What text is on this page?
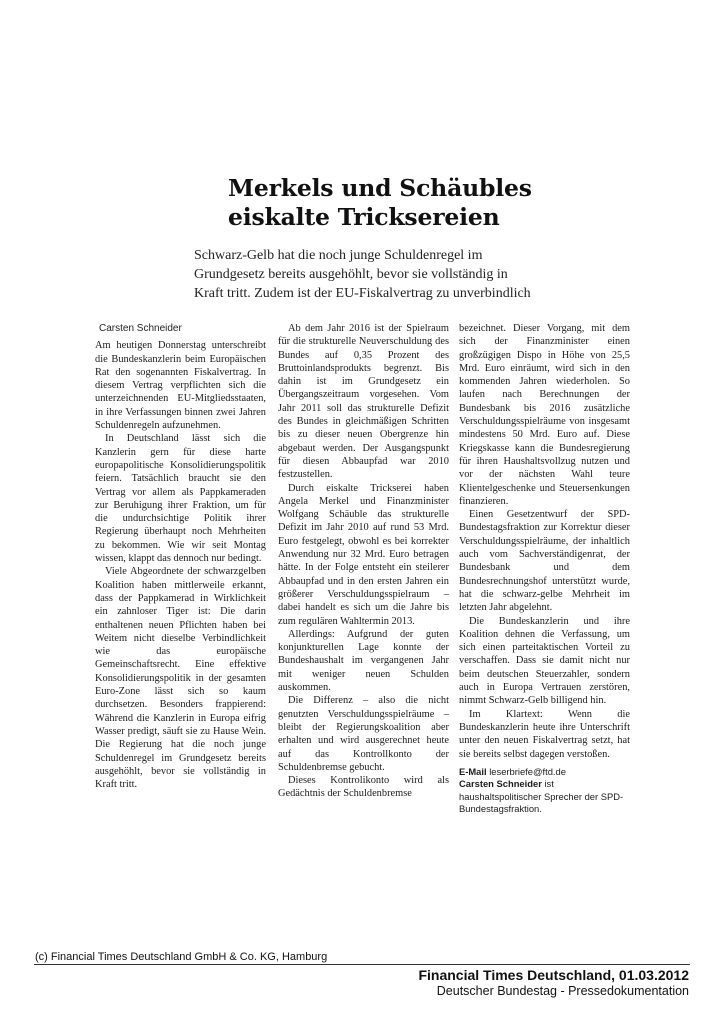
Merkels und Schäubles
eiskalte Tricksereien
Schwarz-Gelb hat die noch junge Schuldenregel im
Grundgesetz bereits ausgehöhlt, bevor sie vollständig in
Kraft tritt. Zudem ist der EU-Fiskalvertrag zu unverbindlich
Carsten Schneider

Am heutigen Donnerstag unterschreibt die Bundeskanzlerin beim Europäischen Rat den sogenannten Fiskalvertrag. In diesem Vertrag verpflichten sich die unterzeichnenden EU-Mitgliedsstaaten, in ihre Verfassungen binnen zwei Jahren Schuldenregeln aufzunehmen.

In Deutschland lässt sich die Kanzlerin gern für diese harte europapolitische Konsolidierungspolitik feiern. Tatsächlich braucht sie den Vertrag vor allem als Pappkameraden zur Beruhigung ihrer Fraktion, um für die undurchsichtige Politik ihrer Regierung überhaupt noch Mehrheiten zu bekommen. Wie wir seit Montag wissen, klappt das dennoch nur bedingt.

Viele Abgeordnete der schwarzgelben Koalition haben mittlerweile erkannt, dass der Pappkamerad in Wirklichkeit ein zahnloser Tiger ist: Die darin enthaltenen neuen Pflichten haben bei Weitem nicht dieselbe Verbindlichkeit wie das europäische Gemeinschaftsrecht. Eine effektive Konsolidierungspolitik in der gesamten Euro-Zone lässt sich so kaum durchsetzen. Besonders frappierend: Während die Kanzlerin in Europa eifrig Wasser predigt, säuft sie zu Hause Wein. Die Regierung hat die noch junge Schuldenregel im Grundgesetz bereits ausgehöhlt, bevor sie vollständig in Kraft tritt.

Ab dem Jahr 2016 ist der Spielraum für die strukturelle Neuverschuldung des Bundes auf 0,35 Prozent des Bruttoinlandsprodukts begrenzt. Bis dahin ist im Grundgesetz ein Übergangszeitraum vorgesehen. Vom Jahr 2011 soll das strukturelle Defizit des Bundes in gleichmäßigen Schritten bis zu dieser neuen Obergrenze hin abgebaut werden. Der Ausgangspunkt für diesen Abbaupfad war 2010 festzustellen.

Durch eiskalte Trickserei haben Angela Merkel und Finanzminister Wolfgang Schäuble das strukturelle Defizit im Jahr 2010 auf rund 53 Mrd. Euro festgelegt, obwohl es bei korrekter Anwendung nur 32 Mrd. Euro betragen hätte. In der Folge entsteht ein steilerer Abbaupfad und in den ersten Jahren ein größerer Verschuldungsspielraum – dabei handelt es sich um die Jahre bis zum regulären Wahltermin 2013.

Allerdings: Aufgrund der guten konjunkturellen Lage konnte der Bundeshaushalt im vergangenen Jahr mit weniger neuen Schulden auskommen.

Die Differenz – also die nicht genutzten Verschuldungsspielräume – bleibt der Regierungskoalition aber erhalten und wird ausgerechnet heute auf das Kontrollkonto der Schuldenbremse gebucht.

Dieses Kontrolikonto wird als Gedächtnis der Schuldenbremse

bezeichnet. Dieser Vorgang, mit dem sich der Finanzminister einen großzügigen Dispo in Höhe von 25,5 Mrd. Euro einräumt, wird sich in den kommenden Jahren wiederholen. So laufen nach Berechnungen der Bundesbank bis 2016 zusätzliche Verschuldungsspielräume von insgesamt mindestens 50 Mrd. Euro auf. Diese Kriegskasse kann die Bundesregierung für ihren Haushaltsvollzug nutzen und vor der nächsten Wahl teure Klientelgeschenke und Steuersenkungen finanzieren.

Einen Gesetzentwurf der SPD-Bundestagsfraktion zur Korrektur dieser Verschuldungsspielräume, der inhaltlich auch vom Sachverständigenrat, der Bundesbank und dem Bundesrechnungshof unterstützt wurde, hat die schwarz-gelbe Mehrheit im letzten Jahr abgelehnt.

Die Bundeskanzlerin und ihre Koalition dehnen die Verfassung, um sich einen parteitaktischen Vorteil zu verschaffen. Dass sie damit nicht nur beim deutschen Steuerzahler, sondern auch in Europa Vertrauen zerstören, nimmt Schwarz-Gelb billigend hin.

Im Klartext: Wenn die Bundeskanzlerin heute ihre Unterschrift unter den neuen Fiskalvertrag setzt, hat sie bereits selbst dagegen verstoßen.

E-Mail leserbriefe@ftd.de
Carsten Schneider ist haushaltspolitischer Sprecher der SPD-Bundestagsfraktion.
(c) Financial Times Deutschland GmbH & Co. KG, Hamburg
Financial Times Deutschland, 01.03.2012
Deutscher Bundestag - Pressedokumentation
